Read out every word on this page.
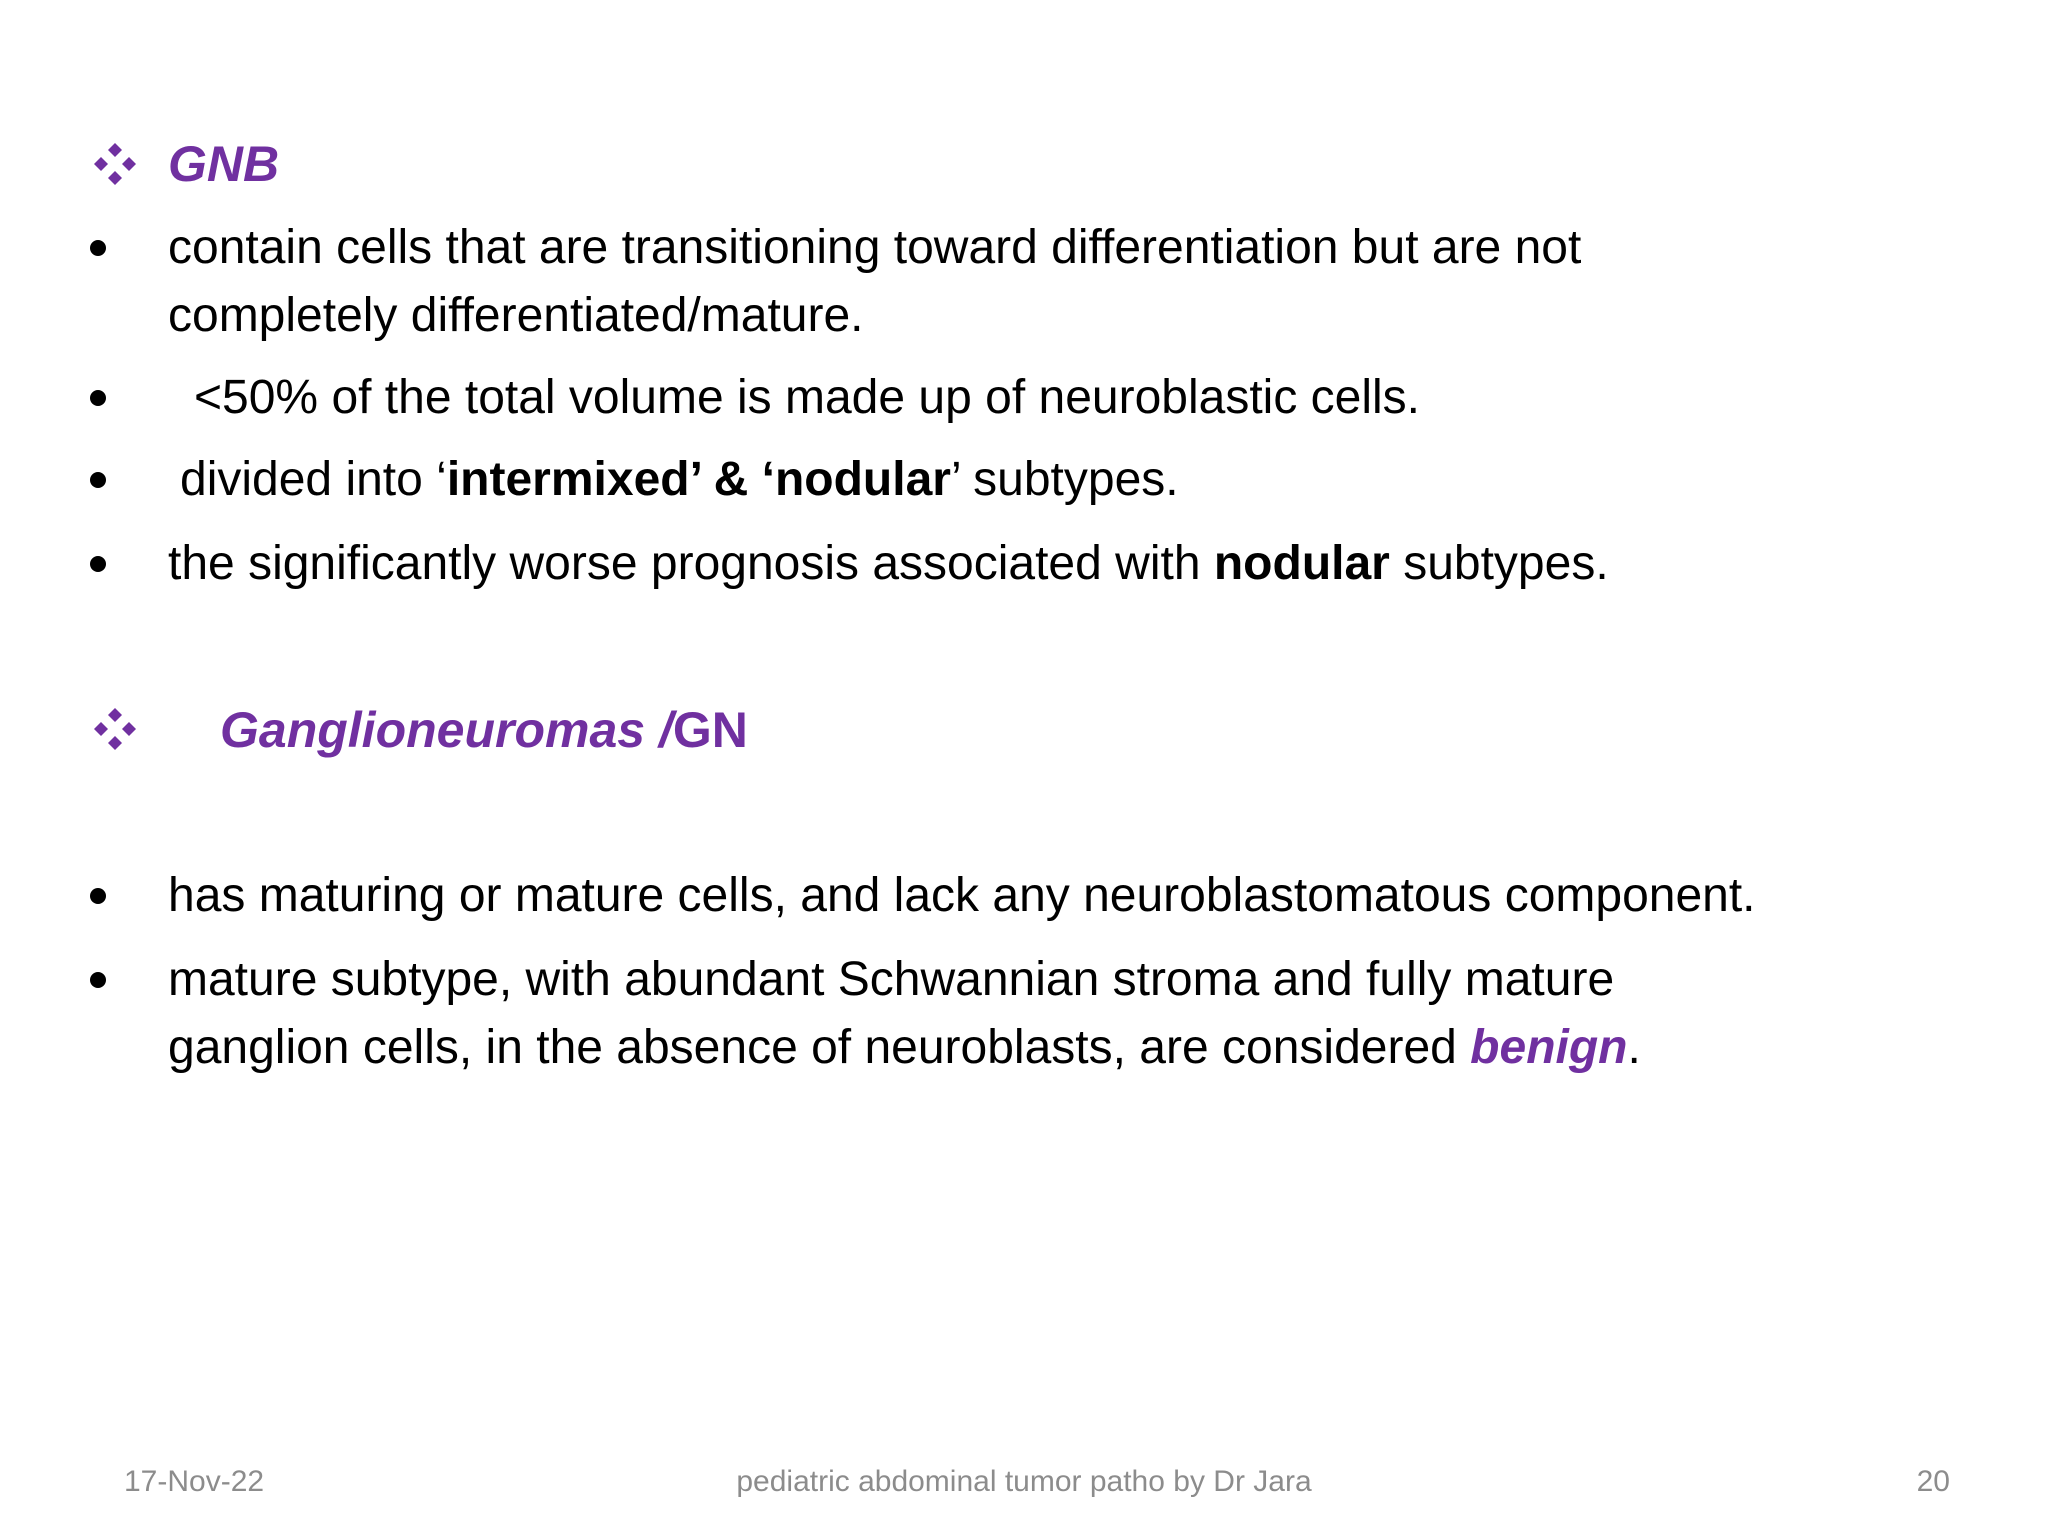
GNB
contain cells that are transitioning toward differentiation but are not
completely differentiated/mature.
<50% of the total volume is made up of neuroblastic cells.
divided into ‘intermixed’ & ‘nodular’ subtypes.
the significantly worse prognosis associated with nodular subtypes.
Ganglioneuromas /GN
has maturing or mature cells, and lack any neuroblastomatous component.
mature subtype, with abundant Schwannian stroma and fully mature
ganglion cells, in the absence of neuroblasts, are considered benign.
17-Nov-22	pediatric abdominal tumor patho by Dr Jara	20
